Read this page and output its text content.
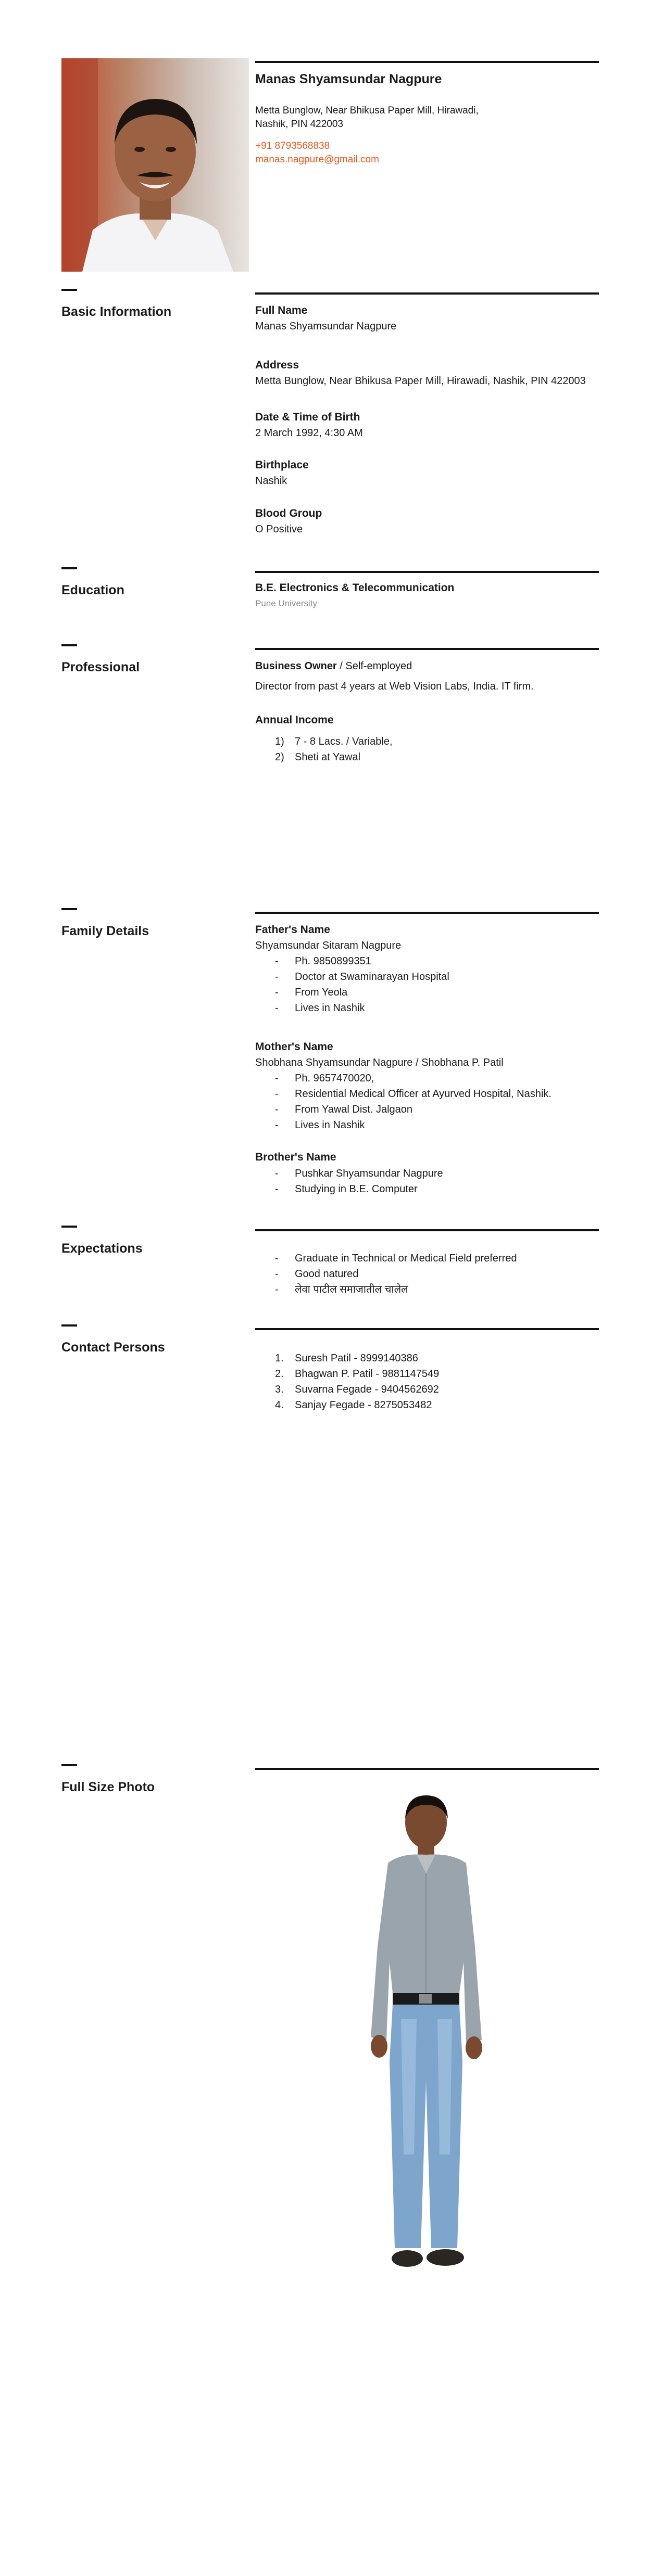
Manas Shyamsundar Nagpure
Metta Bunglow, Near Bhikusa Paper Mill, Hirawadi,
Nashik, PIN 422003
+91 8793568838
manas.nagpure@gmail.com
Basic Information	Full Name
Manas Shyamsundar Nagpure
Address
Metta Bunglow, Near Bhikusa Paper Mill, Hirawadi, Nashik, PIN 422003
Date & Time of Birth
2 March 1992, 4:30 AM
Birthplace
Nashik
Blood Group
O Positive
Education	B.E. Electronics & Telecommunication
Pune University
Professional	Business Owner / Self-employed
Director from past 4 years at Web Vision Labs, India. IT firm.
Annual Income
1) 7 - 8 Lacs. / Variable,
2) Sheti at Yawal
Family Details	Father's Name
Shyamsundar Sitaram Nagpure
- Ph. 9850899351
- Doctor at Swaminarayan Hospital
- From Yeola
- Lives in Nashik
Mother's Name
Shobhana Shyamsundar Nagpure / Shobhana P. Patil
- Ph. 9657470020,
- Residential Medical Officer at Ayurved Hospital, Nashik.
- From Yawal Dist. Jalgaon
- Lives in Nashik
Brother's Name
- Pushkar Shyamsundar Nagpure
- Studying in B.E. Computer
Expectations
- Graduate in Technical or Medical Field preferred
- Good natured
- लेवा पाटील समाजातील चालेल
Contact Persons
1. Suresh Patil - 8999140386
2. Bhagwan P. Patil - 9881147549
3. Suvarna Fegade - 9404562692
4. Sanjay Fegade - 8275053482
Full Size Photo
